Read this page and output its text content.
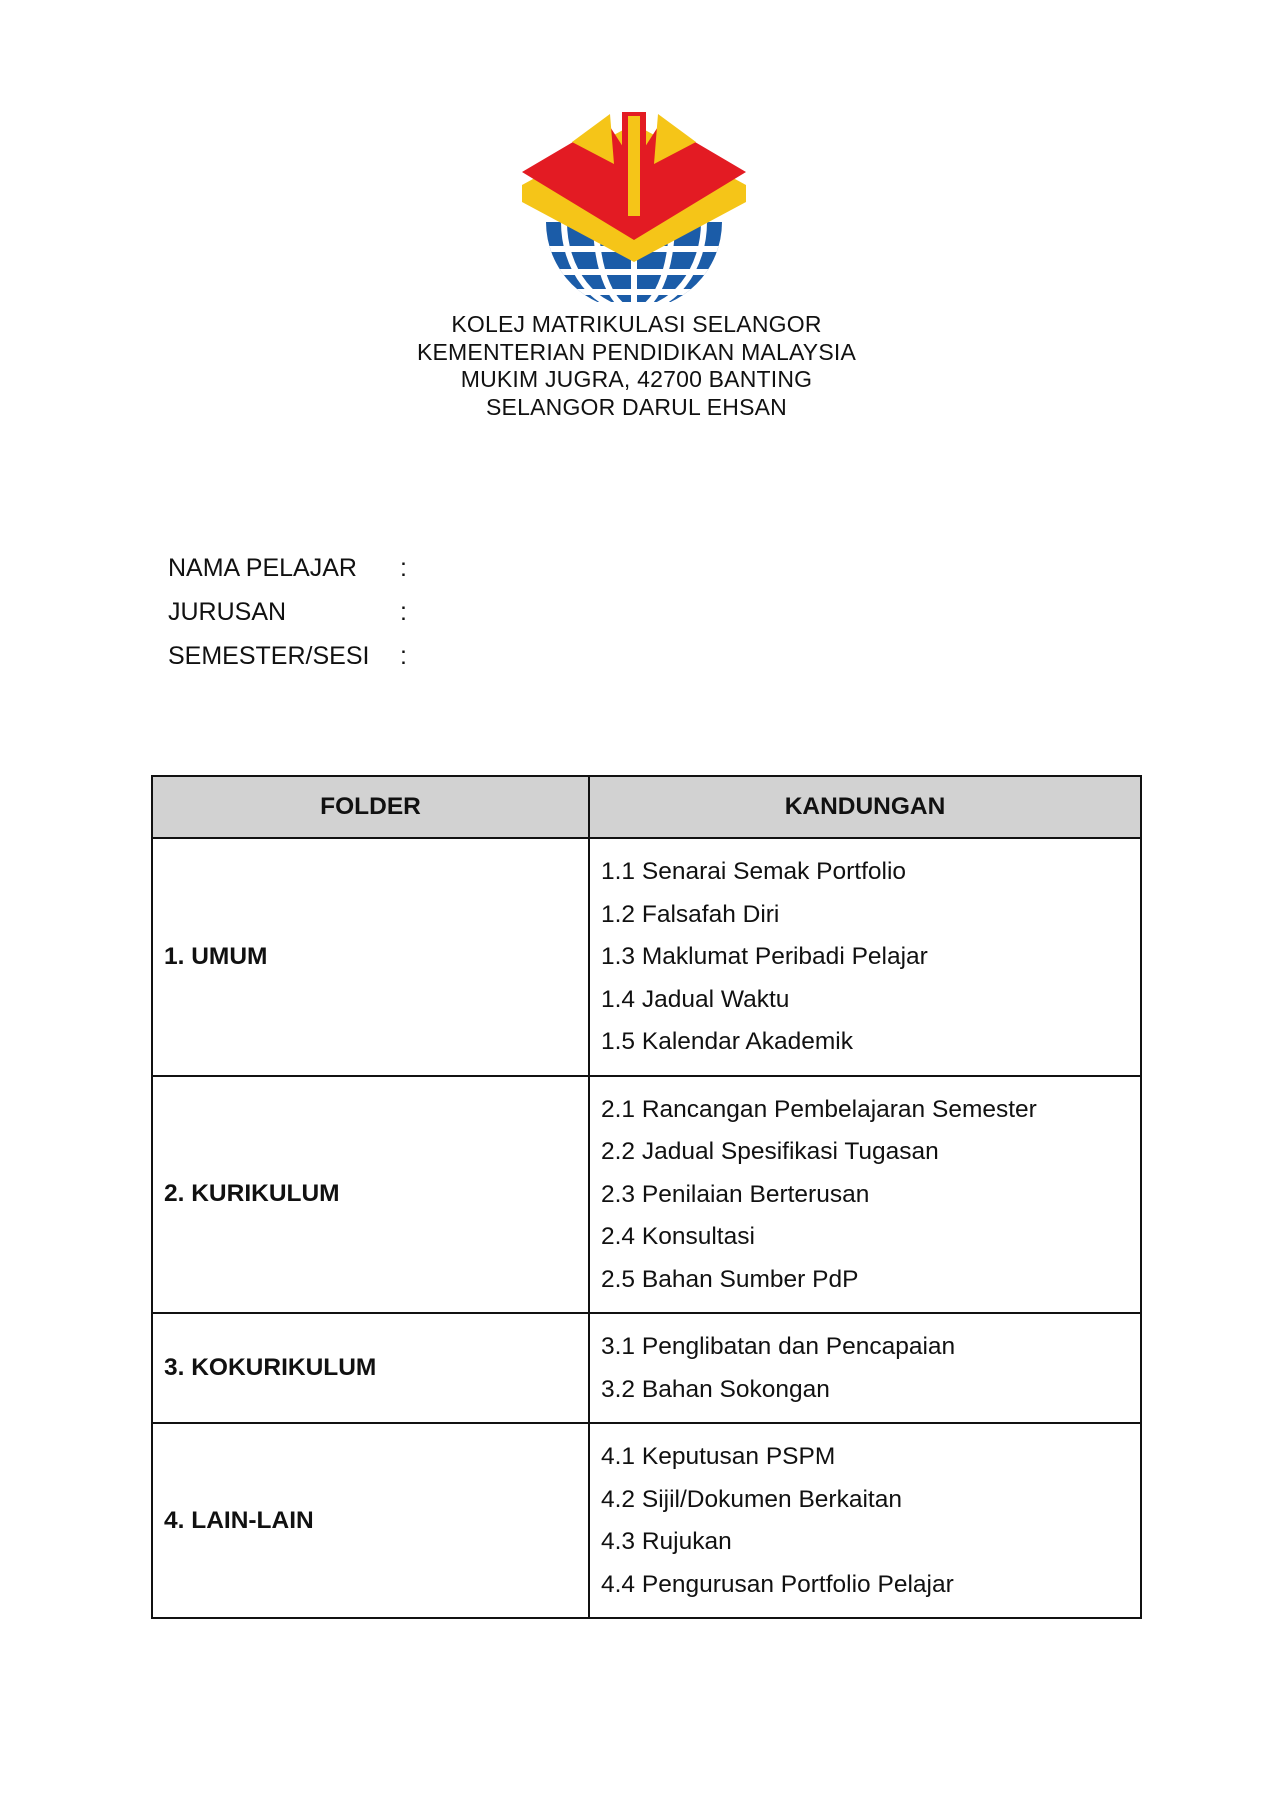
KOLEJ MATRIKULASI SELANGOR
KEMENTERIAN PENDIDIKAN MALAYSIA
MUKIM JUGRA, 42700 BANTING
SELANGOR DARUL EHSAN
NAMA PELAJAR :
JURUSAN	:
SEMESTER/SESI :
FOLDER	KANDUNGAN
1. UMUM	1.1 Senarai Semak Portfolio
1.2 Falsafah Diri
1.3 Maklumat Peribadi Pelajar
1.4 Jadual Waktu
1.5 Kalendar Akademik

2. KURIKULUM	2.1 Rancangan Pembelajaran Semester
2.2 Jadual Spesifikasi Tugasan
2.3 Penilaian Berterusan
2.4 Konsultasi
2.5 Bahan Sumber PdP

3. KOKURIKULUM	3.1 Penglibatan dan Pencapaian
3.2 Bahan Sokongan

4. LAIN-LAIN	4.1 Keputusan PSPM
4.2 Sijil/Dokumen Berkaitan
4.3 Rujukan
4.4 Pengurusan Portfolio Pelajar
